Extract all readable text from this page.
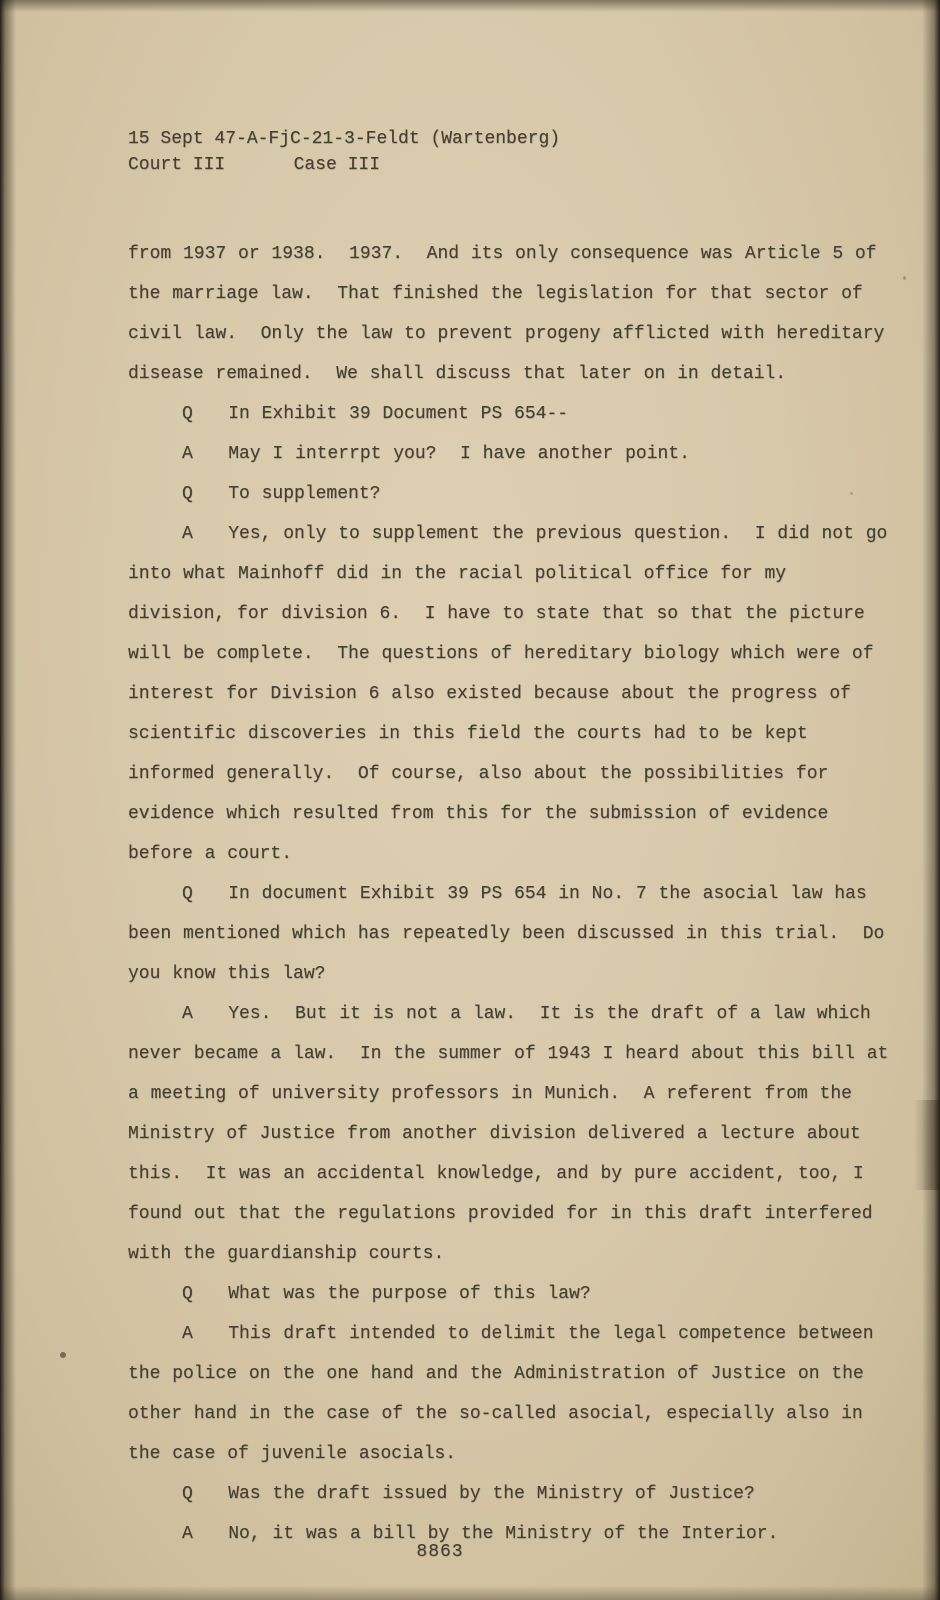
15 Sept 47-A-FjC-21-3-Feldt (Wartenberg)
Court III	Case III

from 1937 or 1938.  1937.  And its only consequence was Article 5 of the marriage law.  That finished the legislation for that sector of civil law.  Only the law to prevent progeny afflicted with hereditary disease remained.  We shall discuss that later on in detail.

Q   In Exhibit 39 Document PS 654--

A   May I interrpt you?  I have another point.

Q   To supplement?

A   Yes, only to supplement the previous question.  I did not go into what Mainhoff did in the racial political office for my division, for division 6.  I have to state that so that the picture will be complete.  The questions of hereditary biology which were of interest for Division 6 also existed because about the progress of scientific discoveries in this field the courts had to be kept informed generally.  Of course, also about the possibilities for evidence which resulted from this for the submission of evidence before a court.

Q   In document Exhibit 39 PS 654 in No. 7 the asocial law has been mentioned which has repeatedly been discussed in this trial.  Do you know this law?

A   Yes.  But it is not a law.  It is the draft of a law which never became a law.  In the summer of 1943 I heard about this bill at a meeting of university professors in Munich.  A referent from the Ministry of Justice from another division delivered a lecture about this.  It was an accidental knowledge, and by pure accident, too, I found out that the regulations provided for in this draft interfered with the guardianship courts.

Q   What was the purpose of this law?

A   This draft intended to delimit the legal competence between the police on the one hand and the Administration of Justice on the other hand in the case of the so-called asocial, especially also in the case of juvenile asocials.

Q   Was the draft issued by the Ministry of Justice?

A   No, it was a bill by the Ministry of the Interior.

8863
